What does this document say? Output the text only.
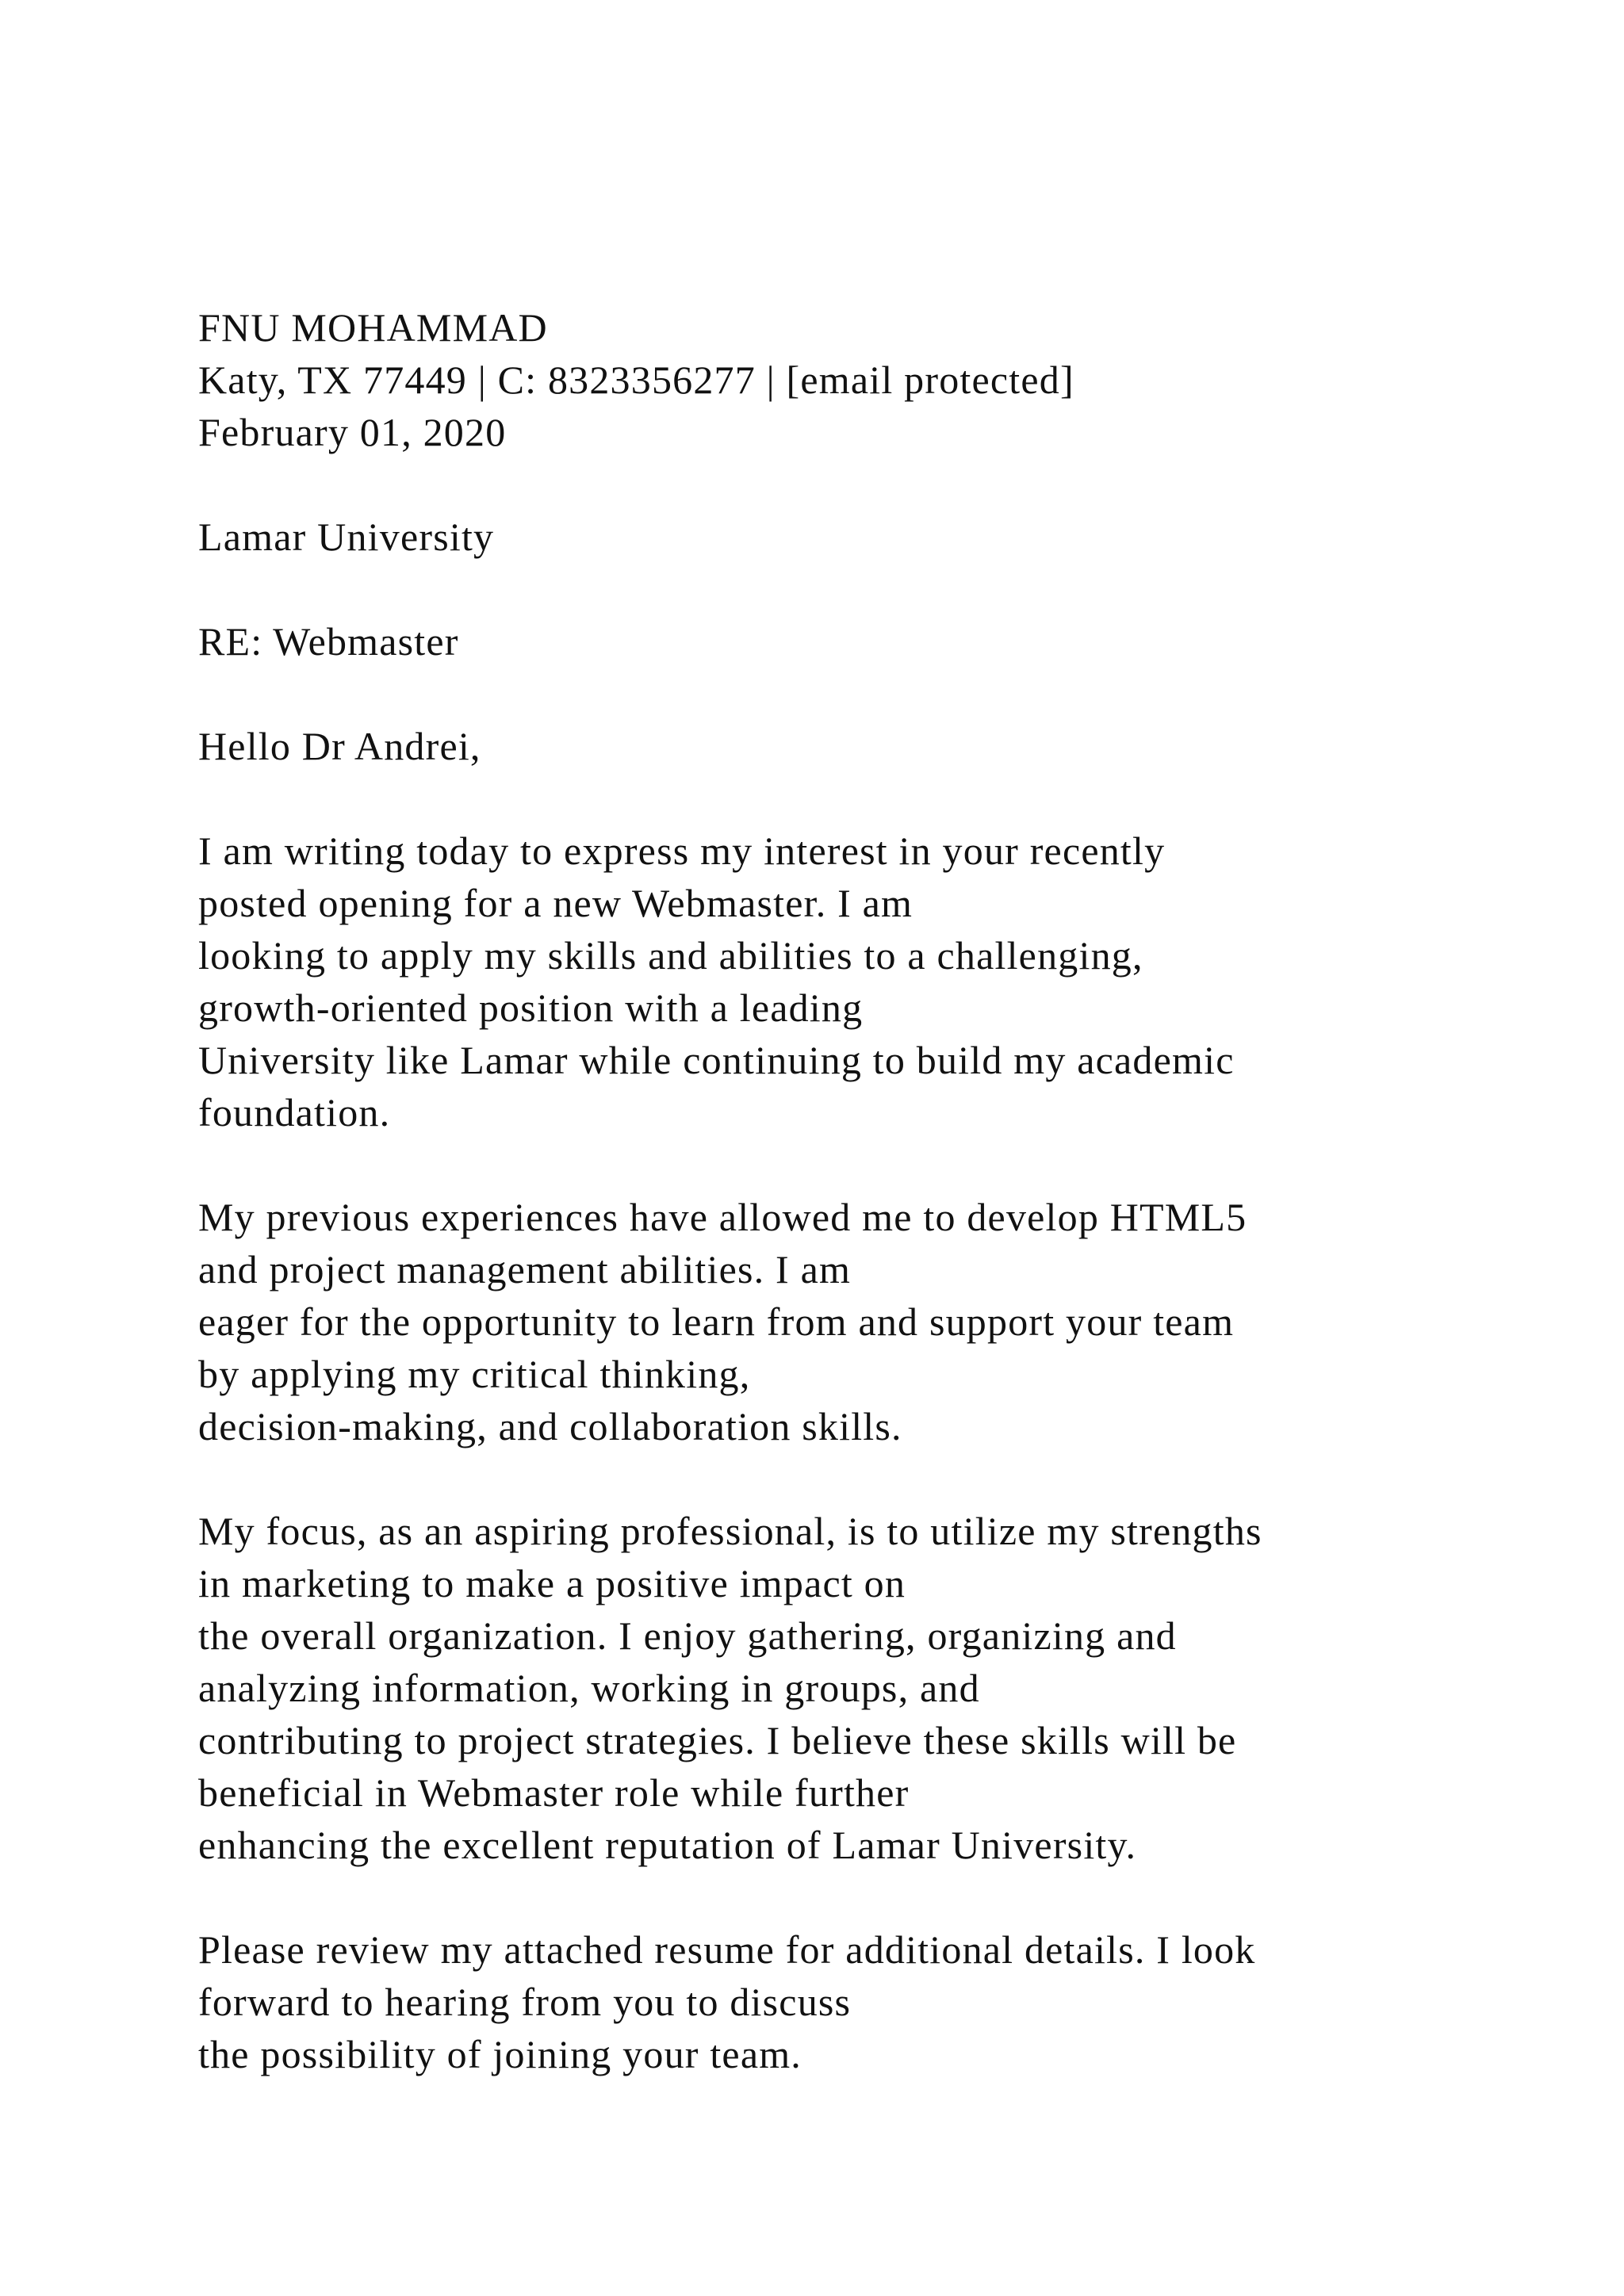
FNU MOHAMMAD
Katy, TX 77449 | C: 8323356277 | [email protected]
February 01, 2020
Lamar University
RE: Webmaster
Hello Dr Andrei,
I am writing today to express my interest in your recently
posted opening for a new Webmaster. I am
looking to apply my skills and abilities to a challenging,
growth-oriented position with a leading
University like Lamar while continuing to build my academic
foundation.
My previous experiences have allowed me to develop HTML5
and project management abilities. I am
eager for the opportunity to learn from and support your team
by applying my critical thinking,
decision-making, and collaboration skills.
My focus, as an aspiring professional, is to utilize my strengths
in marketing to make a positive impact on
the overall organization. I enjoy gathering, organizing and
analyzing information, working in groups, and
contributing to project strategies. I believe these skills will be
beneficial in Webmaster role while further
enhancing the excellent reputation of Lamar University.
Please review my attached resume for additional details. I look
forward to hearing from you to discuss
the possibility of joining your team.
